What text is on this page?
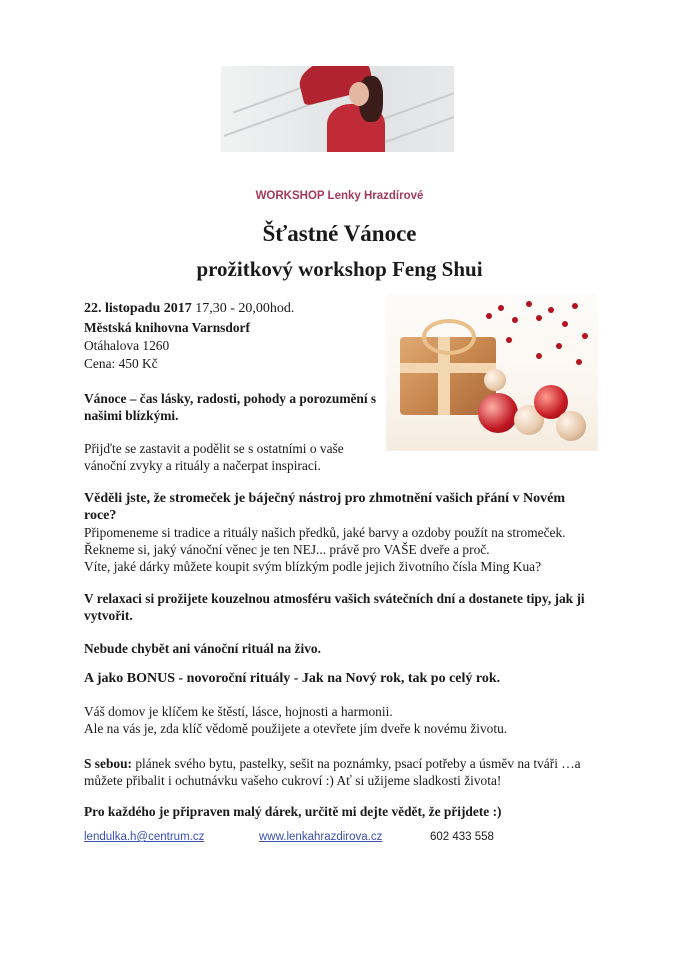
WORKSHOP Lenky Hrazdírové
Šťastné Vánoce
prožitkový workshop Feng Shui
22. listopadu 2017 17,30 - 20,00hod.
Městská knihovna Varnsdorf
Otáhalova 1260
Cena: 450 Kč
Vánoce – čas lásky, radosti, pohody a porozumění s
našimi blízkými.
Přijďte se zastavit a podělit se s ostatními o vaše
vánoční zvyky a rituály a načerpat inspiraci.
Věděli jste, že stromeček je báječný nástroj pro zhmotnění vašich přání v Novém
roce?
Připomeneme si tradice a rituály našich předků, jaké barvy a ozdoby použít na stromeček.
Řekneme si, jaký vánoční věnec je ten NEJ... právě pro VAŠE dveře a proč.
Víte, jaké dárky můžete koupit svým blízkým podle jejich životního čísla Ming Kua?
V relaxaci si prožijete kouzelnou atmosféru vašich svátečních dní a dostanete tipy, jak ji
vytvořit.
Nebude chybět ani vánoční rituál na živo.
A jako BONUS - novoroční rituály - Jak na Nový rok, tak po celý rok.
Váš domov je klíčem ke štěstí, lásce, hojnosti a harmonii.
Ale na vás je, zda klíč vědomě použijete a otevřete jím dveře k novému životu.
S sebou: plánek svého bytu, pastelky, sešit na poznámky, psací potřeby a úsměv na tváři …a
můžete přibalit i ochutnávku vašeho cukroví :) Ať si užijeme sladkosti života!
Pro každého je připraven malý dárek, určitě mi dejte vědět, že přijdete :)
lendulka.h@centrum.cz	www.lenkahrazdirova.cz	602 433 558
